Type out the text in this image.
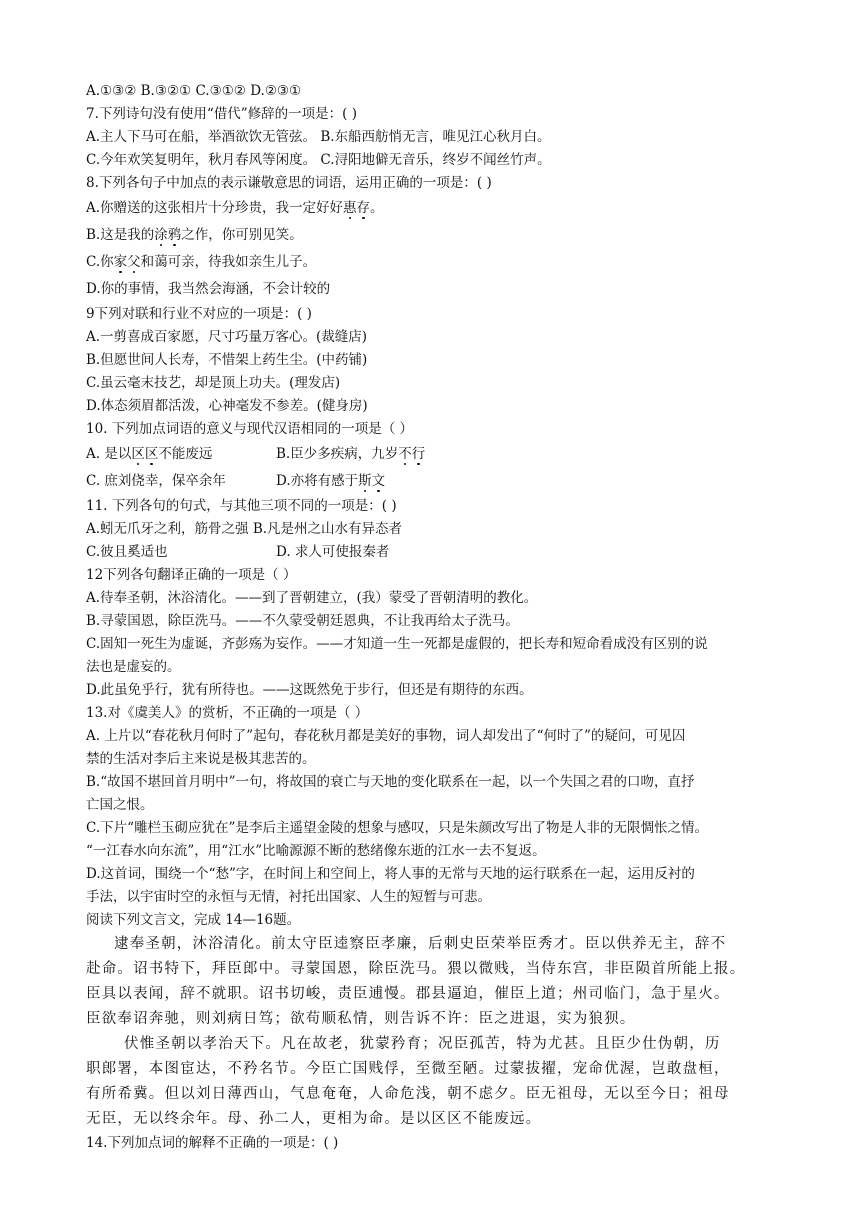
A.①③② B.③②① C.③①② D.②③①
7.下列诗句没有使用“借代”修辞的一项是：( )
A.主人下马可在船，举酒欲饮无管弦。 B.东船西舫悄无言，唯见江心秋月白。
C.今年欢笑复明年，秋月春风等闲度。 C.浔阳地僻无音乐，终岁不闻丝竹声。
8.下列各句子中加点的表示谦敬意思的词语，运用正确的一项是：( )
A.你赠送的这张相片十分珍贵，我一定好好惠存。
B.这是我的涂鸦之作，你可别见笑。
C.你家父和蔼可亲，待我如亲生儿子。
D.你的事情，我当然会海涵，不会计较的
9下列对联和行业不对应的一项是：( )
A.一剪喜成百家愿，尺寸巧量万客心。(裁缝店)
B.但愿世间人长寿，不惜架上药生尘。(中药铺)
C.虽云毫末技艺，却是顶上功夫。(理发店)
D.体态须眉都活泼，心神毫发不参差。(健身房)
10. 下列加点词语的意义与现代汉语相同的一项是（ ）
A. 是以区区不能废远	B.臣少多疾病，九岁不行
C. 庶刘侥幸，保卒余年	D.亦将有感于斯文
11. 下列各句的句式，与其他三项不同的一项是：( )
A.蚓无爪牙之利，筋骨之强 B.凡是州之山水有异态者
C.彼且奚适也	D. 求人可使报秦者
12下列各句翻译正确的一项是（ ）
A.待奉圣朝，沐浴清化。——到了晋朝建立，(我）蒙受了晋朝清明的教化。
B.寻蒙国恩，除臣洗马。——不久蒙受朝廷恩典，不让我再给太子洗马。
C.固知一死生为虚诞，齐彭殇为妄作。——才知道一生一死都是虚假的，把长寿和短命看成没有区别的说
法也是虚妄的。
D.此虽免乎行，犹有所待也。——这既然免于步行，但还是有期待的东西。
13.对《虞美人》的赏析，不正确的一项是（ ）
A. 上片以“春花秋月何时了”起句，春花秋月都是美好的事物，词人却发出了“何时了”的疑问，可见囚
禁的生活对李后主来说是极其悲苦的。
B.“故国不堪回首月明中”一句，将故国的衰亡与天地的变化联系在一起，以一个失国之君的口吻，直抒
亡国之恨。
C.下片“雕栏玉砌应犹在”是李后主遥望金陵的想象与感叹，只是朱颜改写出了物是人非的无限惆怅之情。
“一江春水向东流”，用“江水”比喻源源不断的愁绪像东逝的江水一去不复返。
D.这首词，围绕一个“愁”字，在时间上和空间上，将人事的无常与天地的运行联系在一起，运用反衬的
手法，以宇宙时空的永恒与无情，衬托出国家、人生的短暂与可悲。
阅读下列文言文，完成 14—16题。
逮奉圣朝，沐浴清化。前太守臣逵察臣孝廉，后刺史臣荣举臣秀才。臣以供养无主，辞不
赴命。诏书特下，拜臣郎中。寻蒙国恩，除臣洗马。猥以微贱，当侍东宫，非臣陨首所能上报。
臣具以表闻，辞不就职。诏书切峻，责臣逋慢。郡县逼迫，催臣上道；州司临门，急于星火。
臣欲奉诏奔驰，则刘病日笃；欲苟顺私情，则告诉不许：臣之进退，实为狼狈。
伏惟圣朝以孝治天下。凡在故老，犹蒙矜育；况臣孤苦，特为尤甚。且臣少仕伪朝，历
职郎署，本图宦达，不矜名节。今臣亡国贱俘，至微至陋。过蒙拔擢，宠命优渥，岂敢盘桓，
有所希冀。但以刘日薄西山，气息奄奄，人命危浅，朝不虑夕。臣无祖母，无以至今日；祖母
无臣，无以终余年。母、孙二人，更相为命。是以区区不能废远。
14.下列加点词的解释不正确的一项是：( )
